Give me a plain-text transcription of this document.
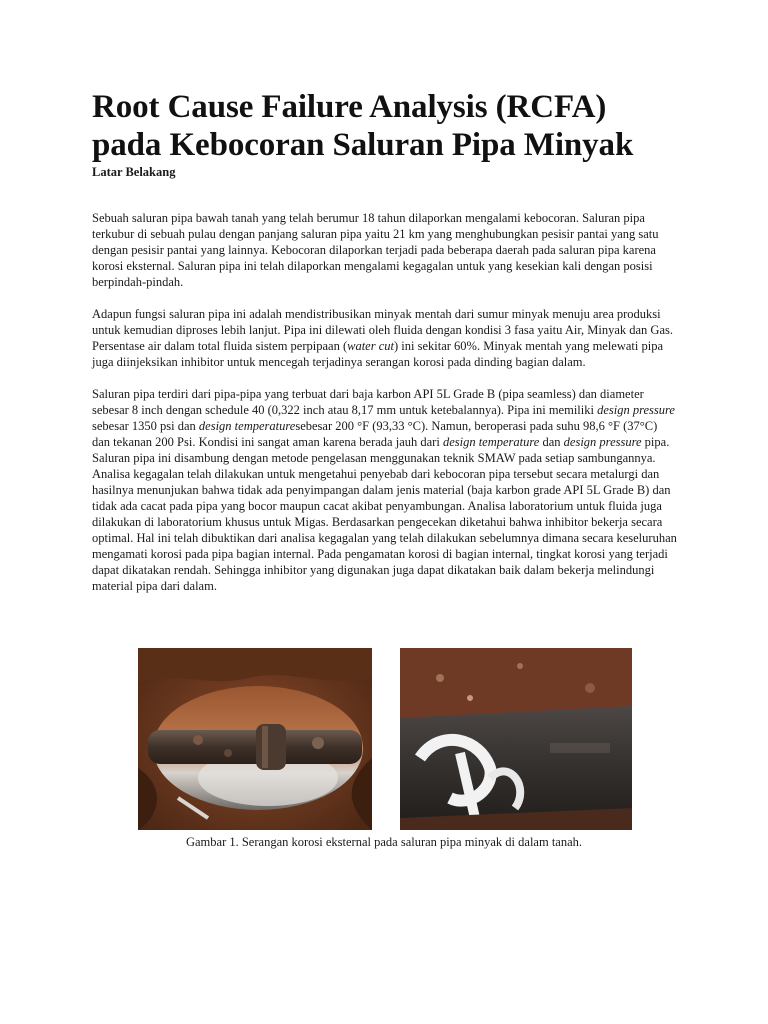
Root Cause Failure Analysis (RCFA)
pada Kebocoran Saluran Pipa Minyak
Latar Belakang

Sebuah saluran pipa bawah tanah yang telah berumur 18 tahun dilaporkan mengalami kebocoran. Saluran pipa terkubur di sebuah pulau dengan panjang saluran pipa yaitu 21 km yang menghubungkan pesisir pantai yang satu dengan pesisir pantai yang lainnya. Kebocoran dilaporkan terjadi pada beberapa daerah pada saluran pipa karena korosi eksternal. Saluran pipa ini telah dilaporkan mengalami kegagalan untuk yang kesekian kali dengan posisi berpindah-pindah.

Adapun fungsi saluran pipa ini adalah mendistribusikan minyak mentah dari sumur minyak menuju area produksi untuk kemudian diproses lebih lanjut. Pipa ini dilewati oleh fluida dengan kondisi 3 fasa yaitu Air, Minyak dan Gas. Persentase air dalam total fluida sistem perpipaan (water cut) ini sekitar 60%. Minyak mentah yang melewati pipa juga diinjeksikan inhibitor untuk mencegah terjadinya serangan korosi pada dinding bagian dalam.

Saluran pipa terdiri dari pipa-pipa yang terbuat dari baja karbon API 5L Grade B (pipa seamless) dan diameter sebesar 8 inch dengan schedule 40 (0,322 inch atau 8,17 mm untuk ketebalannya). Pipa ini memiliki design pressure sebesar 1350 psi dan design temperaturesebesar 200 °F (93,33 °C). Namun, beroperasi pada suhu 98,6 °F (37°C) dan tekanan 200 Psi. Kondisi ini sangat aman karena berada jauh dari design temperature dan design pressure pipa. Saluran pipa ini disambung dengan metode pengelasan menggunakan teknik SMAW pada setiap sambungannya.

Analisa kegagalan telah dilakukan untuk mengetahui penyebab dari kebocoran pipa tersebut secara metalurgi dan hasilnya menunjukan bahwa tidak ada penyimpangan dalam jenis material (baja karbon grade API 5L Grade B) dan tidak ada cacat pada pipa yang bocor maupun cacat akibat penyambungan. Analisa laboratorium untuk fluida juga dilakukan di laboratorium khusus untuk Migas. Berdasarkan pengecekan diketahui bahwa inhibitor bekerja secara optimal. Hal ini telah dibuktikan dari analisa kegagalan yang telah dilakukan sebelumnya dimana secara keseluruhan mengamati korosi pada pipa bagian internal. Pada pengamatan korosi di bagian internal, tingkat korosi yang terjadi dapat dikatakan rendah. Sehingga inhibitor yang digunakan juga dapat dikatakan baik dalam bekerja melindungi material pipa dari dalam.

Gambar 1. Serangan korosi eksternal pada saluran pipa minyak di dalam tanah.
